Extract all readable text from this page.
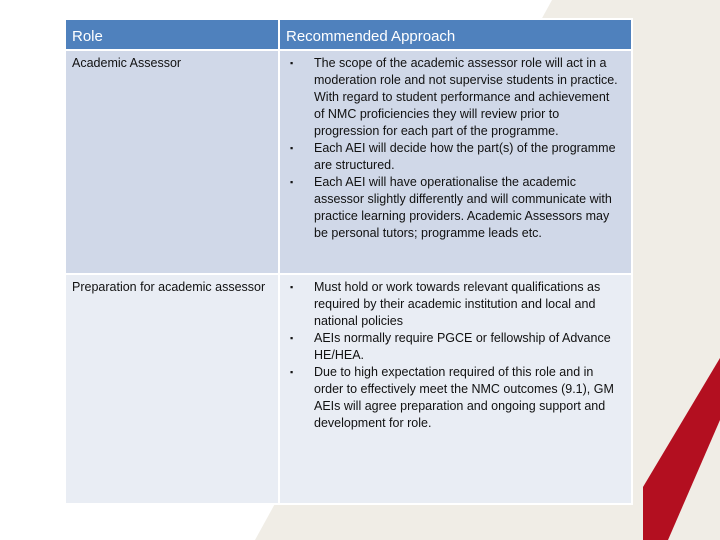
Role	Recommended Approach
Academic Assessor	▪ The scope of the academic assessor role will act in a moderation role and not supervise students in practice. With regard to student performance and achievement of NMC proficiencies they will review prior to progression for each part of the programme.
▪ Each AEI will decide how the part(s) of the programme are structured.
▪ Each AEI will have operationalise the academic assessor slightly differently and will communicate with practice learning providers. Academic Assessors may be personal tutors; programme leads etc.

Preparation for academic assessor	▪ Must hold or work towards relevant qualifications as required by their academic institution and local and national policies
▪ AEIs normally require PGCE or fellowship of Advance HE/HEA.
▪ Due to high expectation required of this role and in order to effectively meet the NMC outcomes (9.1), GM AEIs will agree preparation and ongoing support and development for role.
